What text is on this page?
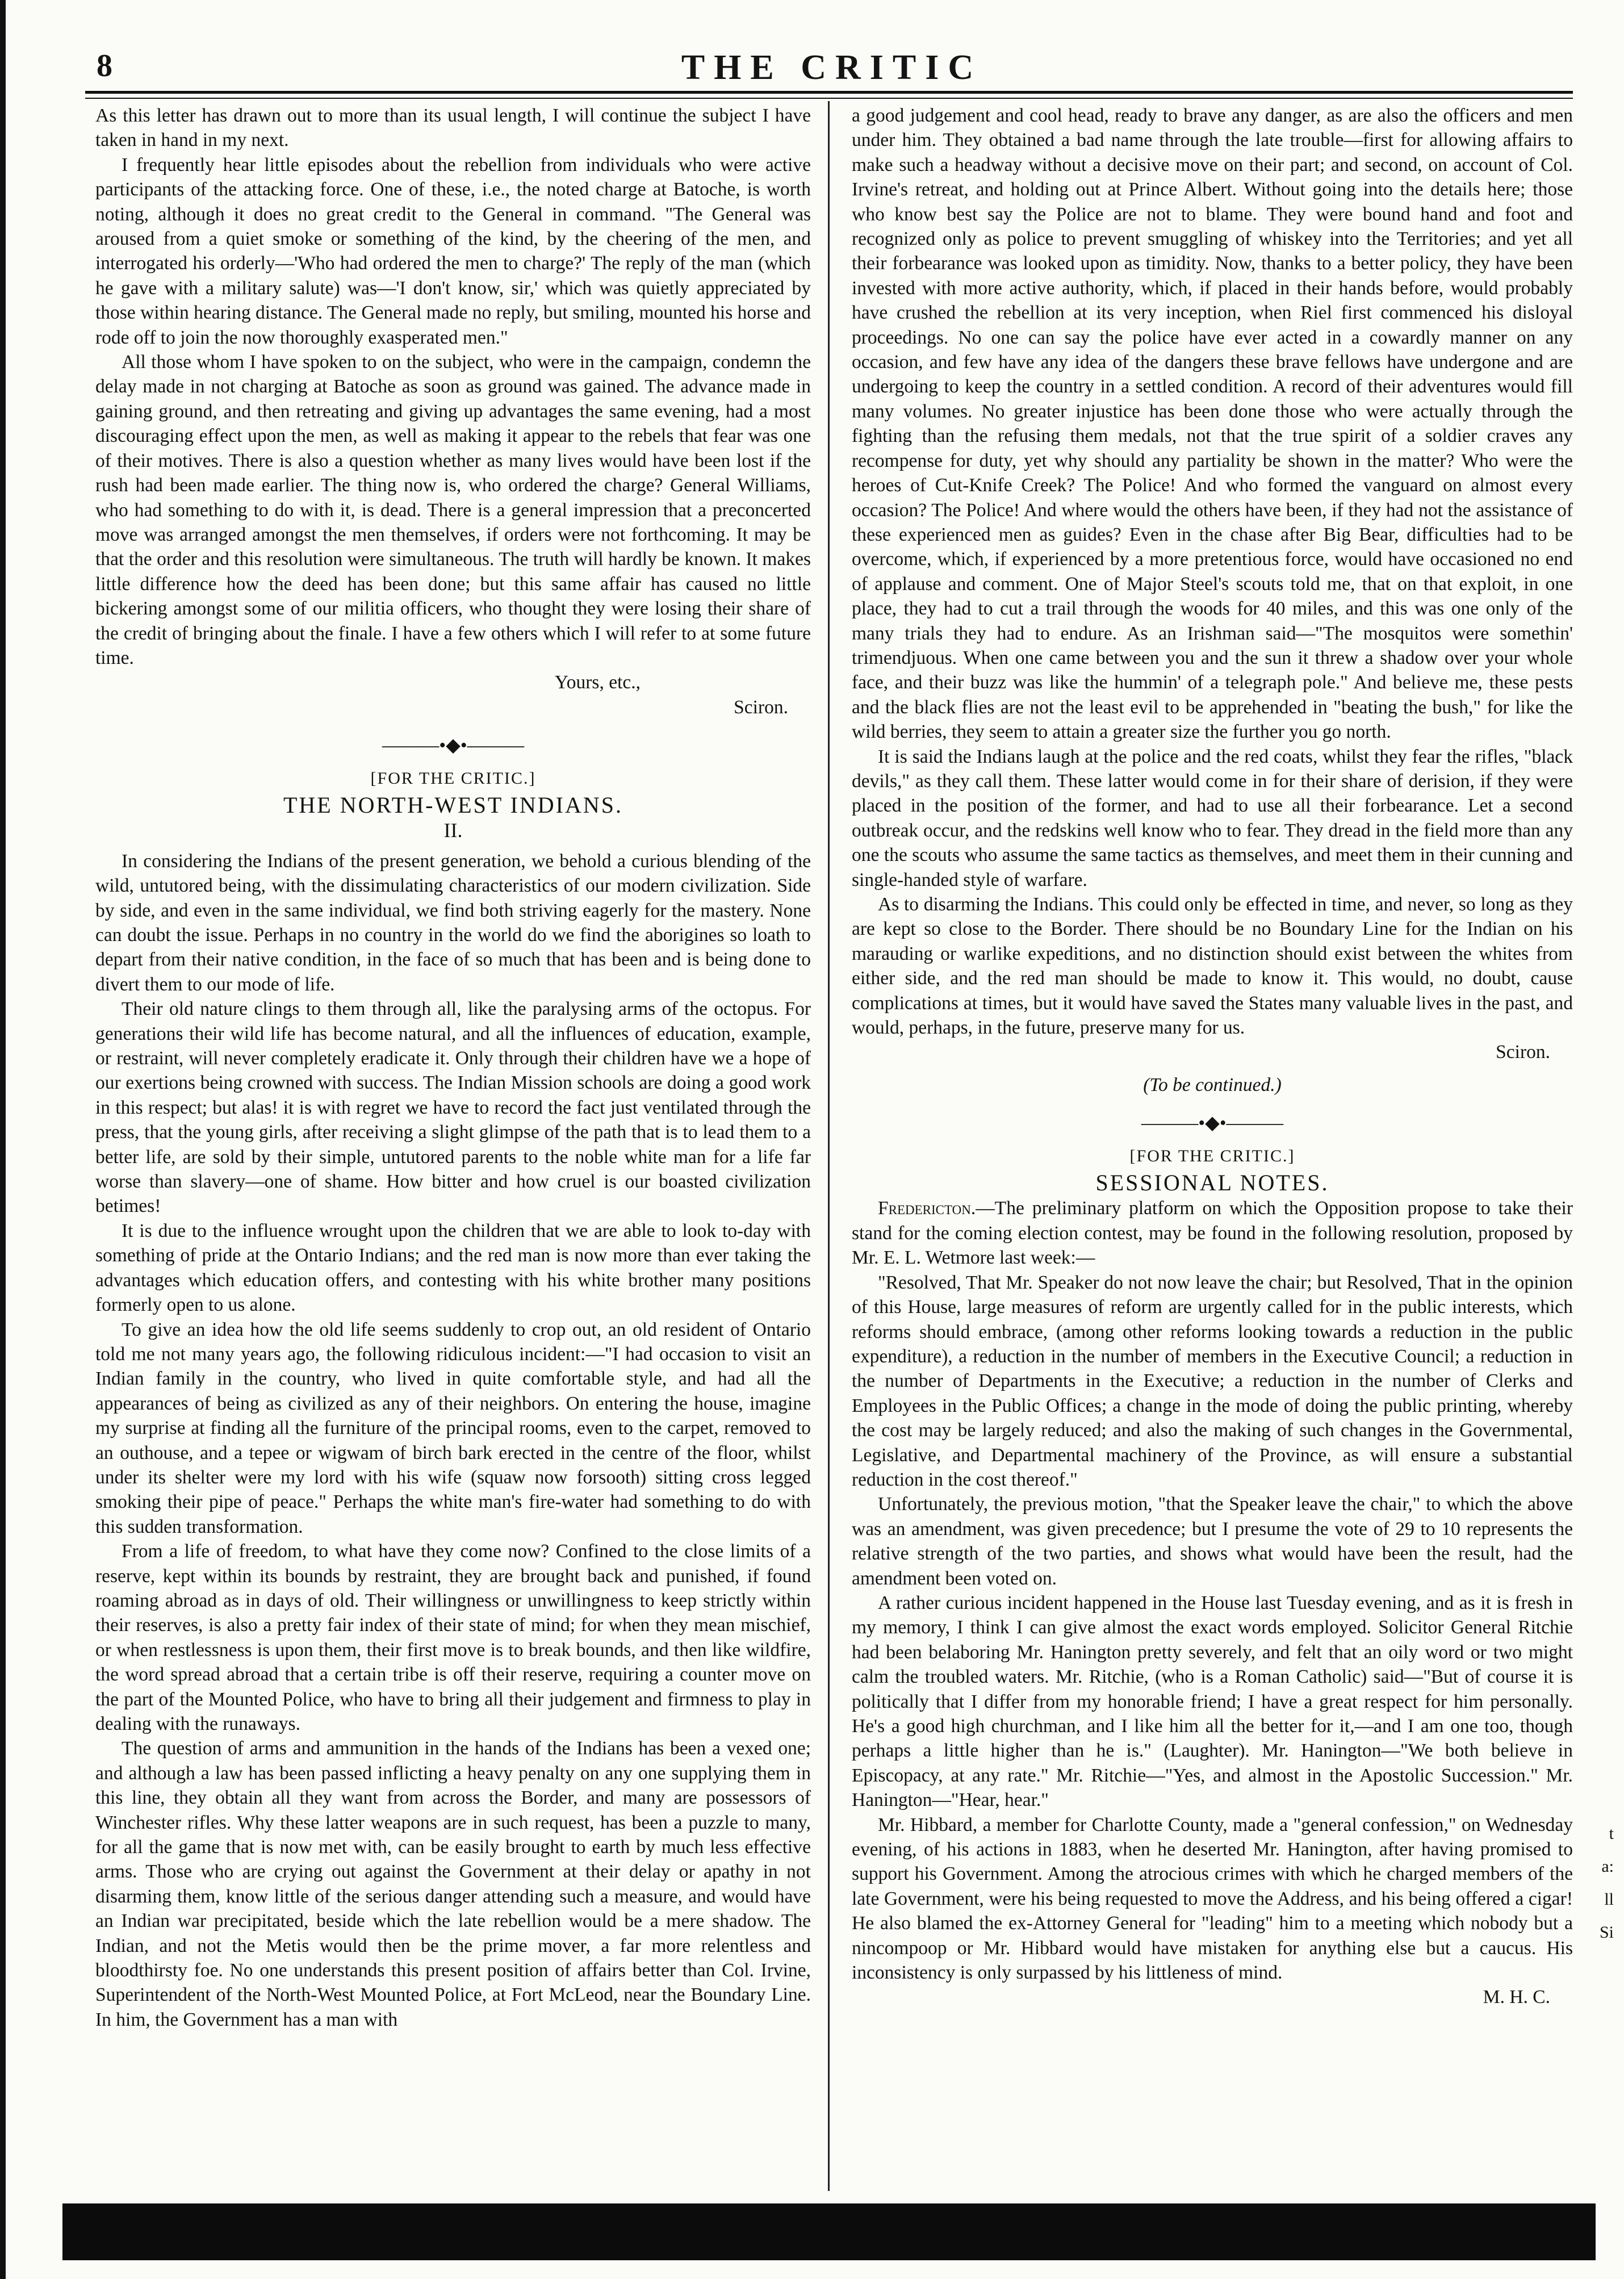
8	THE CRITIC

As this letter has drawn out to more than its usual length, I will continue the subject I have taken in hand in my next.

I frequently hear little episodes about the rebellion from individuals who were active participants of the attacking force. One of these, i.e., the noted charge at Batoche, is worth noting, although it does no great credit to the General in command. "The General was aroused from a quiet smoke or something of the kind, by the cheering of the men, and interrogated his orderly—'Who had ordered the men to charge?' The reply of the man (which he gave with a military salute) was—'I don't know, sir,' which was quietly appreciated by those within hearing distance. The General made no reply, but smiling, mounted his horse and rode off to join the now thoroughly exasperated men."

All those whom I have spoken to on the subject, who were in the campaign, condemn the delay made in not charging at Batoche as soon as ground was gained. The advance made in gaining ground, and then retreating and giving up advantages the same evening, had a most discouraging effect upon the men, as well as making it appear to the rebels that fear was one of their motives. There is also a question whether as many lives would have been lost if the rush had been made earlier. The thing now is, who ordered the charge? General Williams, who had something to do with it, is dead. There is a general impression that a preconcerted move was arranged amongst the men themselves, if orders were not forthcoming. It may be that the order and this resolution were simultaneous. The truth will hardly be known. It makes little difference how the deed has been done; but this same affair has caused no little bickering amongst some of our militia officers, who thought they were losing their share of the credit of bringing about the finale. I have a few others which I will refer to at some future time.

Yours, etc.,

Sciron.

———•◆•———

[FOR THE CRITIC.]

THE NORTH-WEST INDIANS.

II.

In considering the Indians of the present generation, we behold a curious blending of the wild, untutored being, with the dissimulating characteristics of our modern civilization. Side by side, and even in the same individual, we find both striving eagerly for the mastery. None can doubt the issue. Perhaps in no country in the world do we find the aborigines so loath to depart from their native condition, in the face of so much that has been and is being done to divert them to our mode of life.

Their old nature clings to them through all, like the paralysing arms of the octopus. For generations their wild life has become natural, and all the influences of education, example, or restraint, will never completely eradicate it. Only through their children have we a hope of our exertions being crowned with success. The Indian Mission schools are doing a good work in this respect; but alas! it is with regret we have to record the fact just ventilated through the press, that the young girls, after receiving a slight glimpse of the path that is to lead them to a better life, are sold by their simple, untutored parents to the noble white man for a life far worse than slavery—one of shame. How bitter and how cruel is our boasted civilization betimes!

It is due to the influence wrought upon the children that we are able to look to-day with something of pride at the Ontario Indians; and the red man is now more than ever taking the advantages which education offers, and contesting with his white brother many positions formerly open to us alone.

To give an idea how the old life seems suddenly to crop out, an old resident of Ontario told me not many years ago, the following ridiculous incident:—"I had occasion to visit an Indian family in the country, who lived in quite comfortable style, and had all the appearances of being as civilized as any of their neighbors. On entering the house, imagine my surprise at finding all the furniture of the principal rooms, even to the carpet, removed to an outhouse, and a tepee or wigwam of birch bark erected in the centre of the floor, whilst under its shelter were my lord with his wife (squaw now forsooth) sitting cross legged smoking their pipe of peace." Perhaps the white man's fire-water had something to do with this sudden transformation.

From a life of freedom, to what have they come now? Confined to the close limits of a reserve, kept within its bounds by restraint, they are brought back and punished, if found roaming abroad as in days of old. Their willingness or unwillingness to keep strictly within their reserves, is also a pretty fair index of their state of mind; for when they mean mischief, or when restlessness is upon them, their first move is to break bounds, and then like wildfire, the word spread abroad that a certain tribe is off their reserve, requiring a counter move on the part of the Mounted Police, who have to bring all their judgement and firmness to play in dealing with the runaways.

The question of arms and ammunition in the hands of the Indians has been a vexed one; and although a law has been passed inflicting a heavy penalty on any one supplying them in this line, they obtain all they want from across the Border, and many are possessors of Winchester rifles. Why these latter weapons are in such request, has been a puzzle to many, for all the game that is now met with, can be easily brought to earth by much less effective arms. Those who are crying out against the Government at their delay or apathy in not disarming them, know little of the serious danger attending such a measure, and would have an Indian war precipitated, beside which the late rebellion would be a mere shadow. The Indian, and not the Metis would then be the prime mover, a far more relentless and bloodthirsty foe. No one understands this present position of affairs better than Col. Irvine, Superintendent of the North-West Mounted Police, at Fort McLeod, near the Boundary Line. In him, the Government has a man with

a good judgement and cool head, ready to brave any danger, as are also the officers and men under him. They obtained a bad name through the late trouble—first for allowing affairs to make such a headway without a decisive move on their part; and second, on account of Col. Irvine's retreat, and holding out at Prince Albert. Without going into the details here; those who know best say the Police are not to blame. They were bound hand and foot and recognized only as police to prevent smuggling of whiskey into the Territories; and yet all their forbearance was looked upon as timidity. Now, thanks to a better policy, they have been invested with more active authority, which, if placed in their hands before, would probably have crushed the rebellion at its very inception, when Riel first commenced his disloyal proceedings. No one can say the police have ever acted in a cowardly manner on any occasion, and few have any idea of the dangers these brave fellows have undergone and are undergoing to keep the country in a settled condition. A record of their adventures would fill many volumes. No greater injustice has been done those who were actually through the fighting than the refusing them medals, not that the true spirit of a soldier craves any recompense for duty, yet why should any partiality be shown in the matter? Who were the heroes of Cut-Knife Creek? The Police! And who formed the vanguard on almost every occasion? The Police! And where would the others have been, if they had not the assistance of these experienced men as guides? Even in the chase after Big Bear, difficulties had to be overcome, which, if experienced by a more pretentious force, would have occasioned no end of applause and comment. One of Major Steel's scouts told me, that on that exploit, in one place, they had to cut a trail through the woods for 40 miles, and this was one only of the many trials they had to endure. As an Irishman said—"The mosquitos were somethin' trimendjuous. When one came between you and the sun it threw a shadow over your whole face, and their buzz was like the hummin' of a telegraph pole." And believe me, these pests and the black flies are not the least evil to be apprehended in "beating the bush," for like the wild berries, they seem to attain a greater size the further you go north.

It is said the Indians laugh at the police and the red coats, whilst they fear the rifles, "black devils," as they call them. These latter would come in for their share of derision, if they were placed in the position of the former, and had to use all their forbearance. Let a second outbreak occur, and the redskins well know who to fear. They dread in the field more than any one the scouts who assume the same tactics as themselves, and meet them in their cunning and single-handed style of warfare.

As to disarming the Indians. This could only be effected in time, and never, so long as they are kept so close to the Border. There should be no Boundary Line for the Indian on his marauding or warlike expeditions, and no distinction should exist between the whites from either side, and the red man should be made to know it. This would, no doubt, cause complications at times, but it would have saved the States many valuable lives in the past, and would, perhaps, in the future, preserve many for us.

Sciron.

(To be continued.)

———•◆•———

[FOR THE CRITIC.]

SESSIONAL NOTES.

Fredericton.—The preliminary platform on which the Opposition propose to take their stand for the coming election contest, may be found in the following resolution, proposed by Mr. E. L. Wetmore last week:—

"Resolved, That Mr. Speaker do not now leave the chair; but Resolved, That in the opinion of this House, large measures of reform are urgently called for in the public interests, which reforms should embrace, (among other reforms looking towards a reduction in the public expenditure), a reduction in the number of members in the Executive Council; a reduction in the number of Departments in the Executive; a reduction in the number of Clerks and Employees in the Public Offices; a change in the mode of doing the public printing, whereby the cost may be largely reduced; and also the making of such changes in the Governmental, Legislative, and Departmental machinery of the Province, as will ensure a substantial reduction in the cost thereof."

Unfortunately, the previous motion, "that the Speaker leave the chair," to which the above was an amendment, was given precedence; but I presume the vote of 29 to 10 represents the relative strength of the two parties, and shows what would have been the result, had the amendment been voted on.

A rather curious incident happened in the House last Tuesday evening, and as it is fresh in my memory, I think I can give almost the exact words employed. Solicitor General Ritchie had been belaboring Mr. Hanington pretty severely, and felt that an oily word or two might calm the troubled waters. Mr. Ritchie, (who is a Roman Catholic) said—"But of course it is politically that I differ from my honorable friend; I have a great respect for him personally. He's a good high churchman, and I like him all the better for it,—and I am one too, though perhaps a little higher than he is." (Laughter). Mr. Hanington—"We both believe in Episcopacy, at any rate." Mr. Ritchie—"Yes, and almost in the Apostolic Succession." Mr. Hanington—"Hear, hear."

Mr. Hibbard, a member for Charlotte County, made a "general confession," on Wednesday evening, of his actions in 1883, when he deserted Mr. Hanington, after having promised to support his Government. Among the atrocious crimes with which he charged members of the late Government, were his being requested to move the Address, and his being offered a cigar! He also blamed the ex-Attorney General for "leading" him to a meeting which nobody but a nincompoop or Mr. Hibbard would have mistaken for anything else but a caucus. His inconsistency is only surpassed by his littleness of mind.

M. H. C.

t
a:
ll
Si
